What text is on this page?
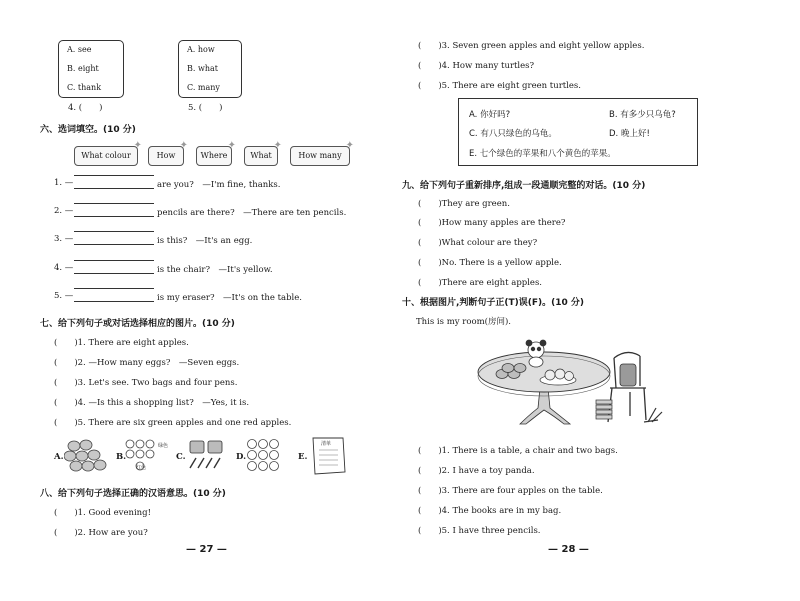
A. see
B. eight
C. thank
A. how
B. what
C. many
4. (　　)	5. (　　)
六、选词填空。(10 分)
What colour
✦
How
✦
Where
✦
What
✦
How many
✦
1. —	are you?　—I'm fine, thanks.
2. —	pencils are there?　—There are ten pencils.
3. —	is this?　—It's an egg.
4. —	is the chair?　—It's yellow.
5. —	is my eraser?　—It's on the table.
七、给下列句子或对话选择相应的图片。(10 分)
(　　)1. There are eight apples.
(　　)2. —How many eggs?　—Seven eggs.
(　　)3. Let's see. Two bags and four pens.
(　　)4. —Is this a shopping list?　—Yes, it is.
(　　)5. There are six green apples and one red apples.
A.	B.
绿色
红色
C.	D.	E.
清单
八、给下列句子选择正确的汉语意思。(10 分)
(　　)1. Good evening!
(　　)2. How are you?
— 27 —
(　　)3. Seven green apples and eight yellow apples.
(　　)4. How many turtles?
(　　)5. There are eight green turtles.
A. 你好吗?	B. 有多少只乌龟?
C. 有八只绿色的乌龟。	D. 晚上好!
E. 七个绿色的苹果和八个黄色的苹果。
九、给下列句子重新排序,组成一段通顺完整的对话。(10 分)
(　　)They are green.
(　　)How many apples are there?
(　　)What colour are they?
(　　)No. There is a yellow apple.
(　　)There are eight apples.
十、根据图片,判断句子正(T)误(F)。(10 分)
This is my room(房间).
(　　)1. There is a table, a chair and two bags.
(　　)2. I have a toy panda.
(　　)3. There are four apples on the table.
(　　)4. The books are in my bag.
(　　)5. I have three pencils.
— 28 —
